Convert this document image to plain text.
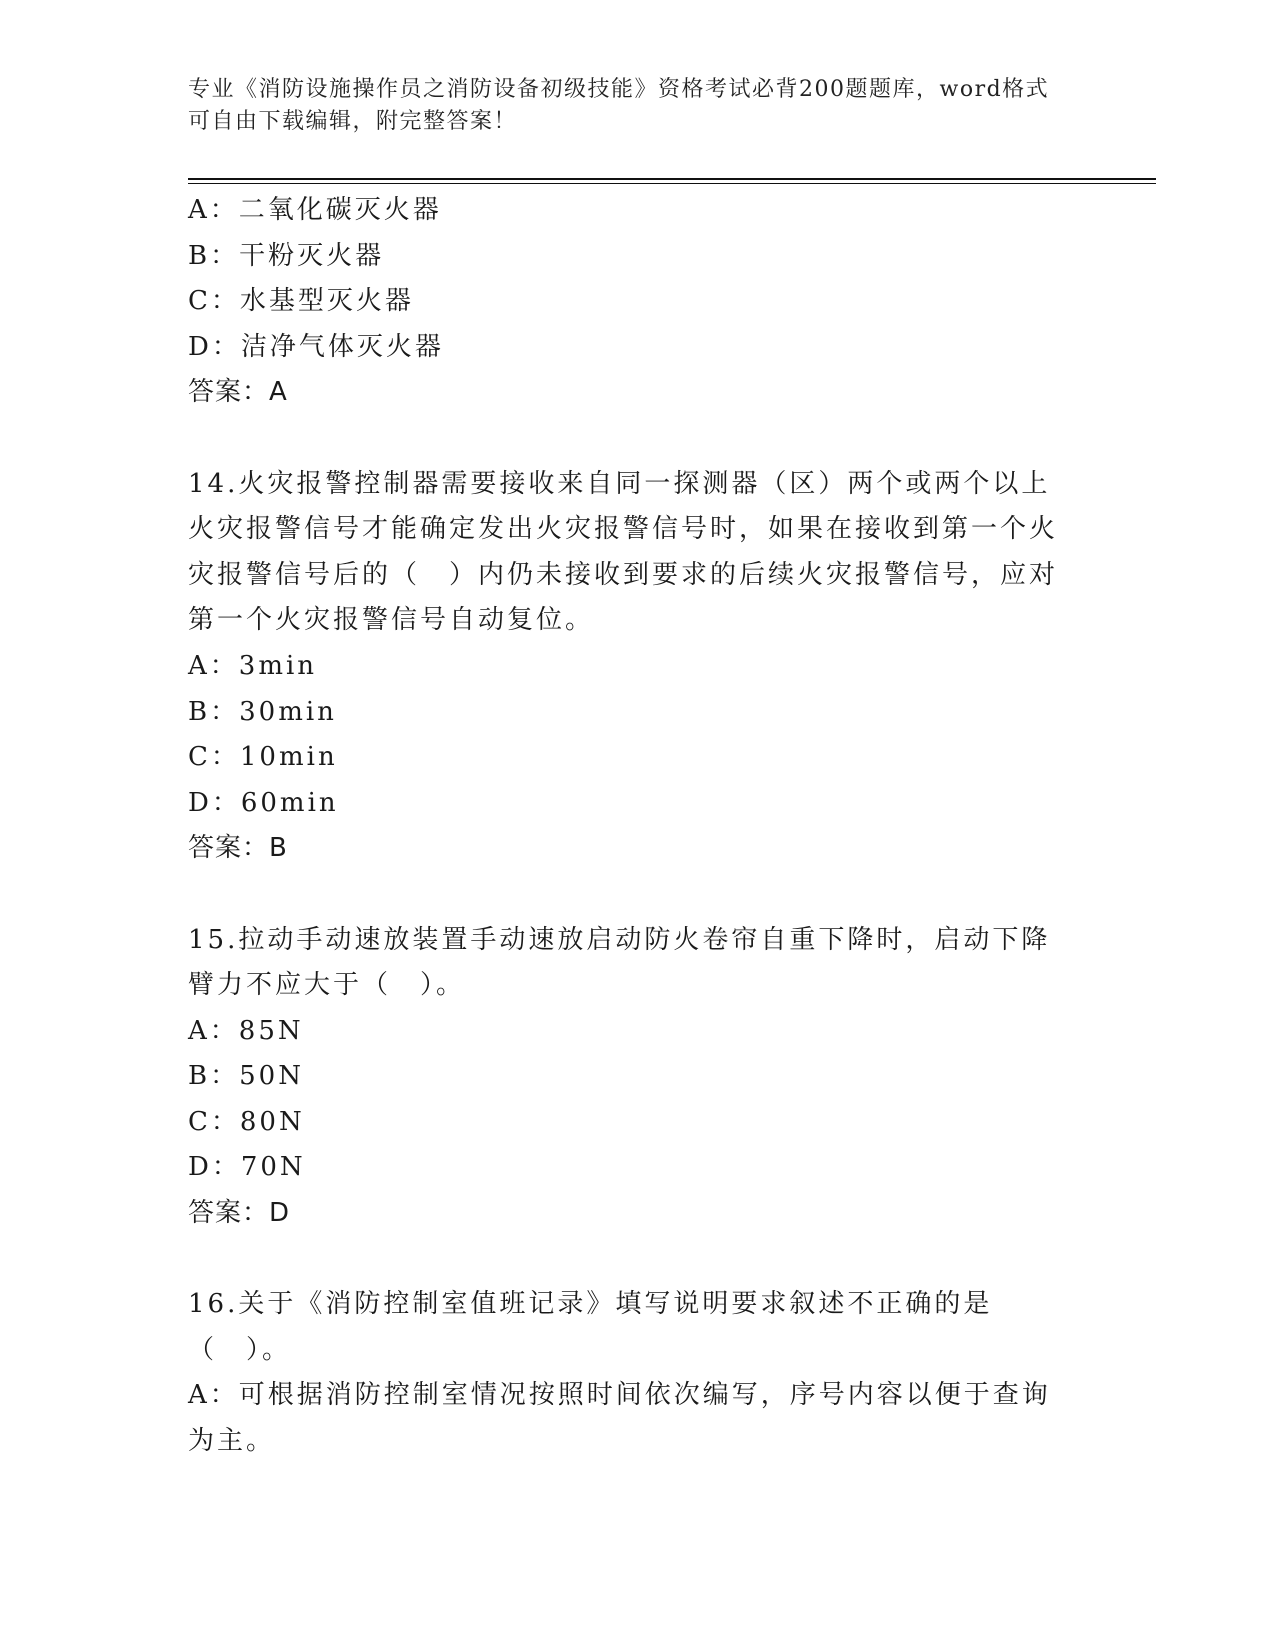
专业《消防设施操作员之消防设备初级技能》资格考试必背200题题库，word格式可自由下载编辑，附完整答案！
A：二氧化碳灭火器
B：干粉灭火器
C：水基型灭火器
D：洁净气体灭火器
答案：A
14.火灾报警控制器需要接收来自同一探测器（区）两个或两个以上火灾报警信号才能确定发出火灾报警信号时，如果在接收到第一个火灾报警信号后的（　）内仍未接收到要求的后续火灾报警信号，应对第一个火灾报警信号自动复位。
A：3min
B：30min
C：10min
D：60min
答案：B
15.拉动手动速放装置手动速放启动防火卷帘自重下降时，启动下降臂力不应大于（　）。
A：85N
B：50N
C：80N
D：70N
答案：D
16.关于《消防控制室值班记录》填写说明要求叙述不正确的是（　）。
A：可根据消防控制室情况按照时间依次编写，序号内容以便于查询为主。
